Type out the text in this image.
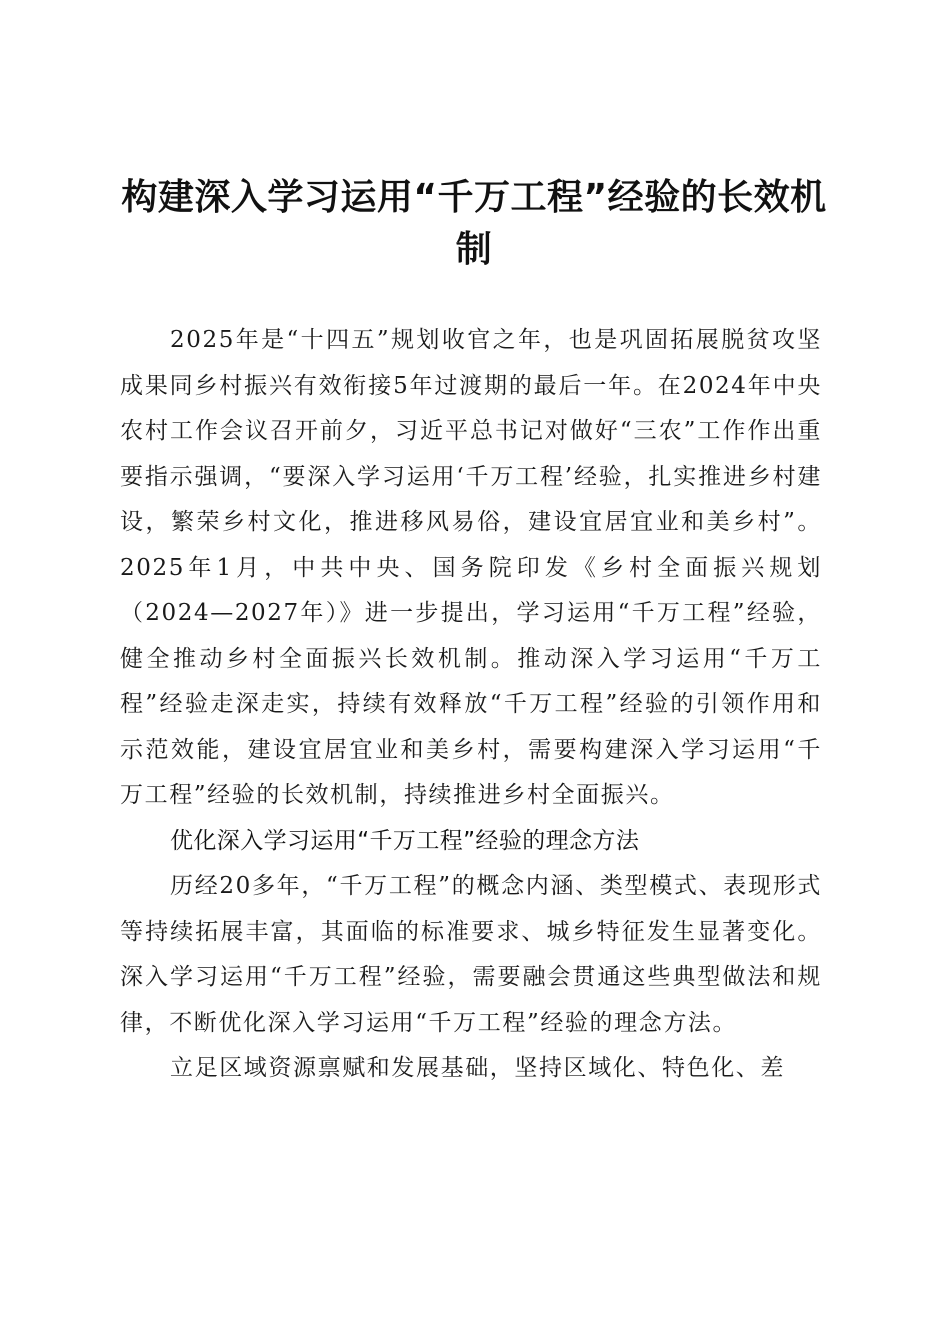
构建深入学习运用“千万工程”经验的长效机制

2025年是“十四五”规划收官之年，也是巩固拓展脱贫攻坚成果同乡村振兴有效衔接5年过渡期的最后一年。在2024年中央农村工作会议召开前夕，习近平总书记对做好“三农”工作作出重要指示强调，“要深入学习运用‘千万工程’经验，扎实推进乡村建设，繁荣乡村文化，推进移风易俗，建设宜居宜业和美乡村”。2025年1月，中共中央、国务院印发《乡村全面振兴规划（2024—2027年）》进一步提出，学习运用“千万工程”经验，健全推动乡村全面振兴长效机制。推动深入学习运用“千万工程”经验走深走实，持续有效释放“千万工程”经验的引领作用和示范效能，建设宜居宜业和美乡村，需要构建深入学习运用“千万工程”经验的长效机制，持续推进乡村全面振兴。

优化深入学习运用“千万工程”经验的理念方法

历经20多年，“千万工程”的概念内涵、类型模式、表现形式等持续拓展丰富，其面临的标准要求、城乡特征发生显著变化。深入学习运用“千万工程”经验，需要融会贯通这些典型做法和规律，不断优化深入学习运用“千万工程”经验的理念方法。

立足区域资源禀赋和发展基础，坚持区域化、特色化、差
